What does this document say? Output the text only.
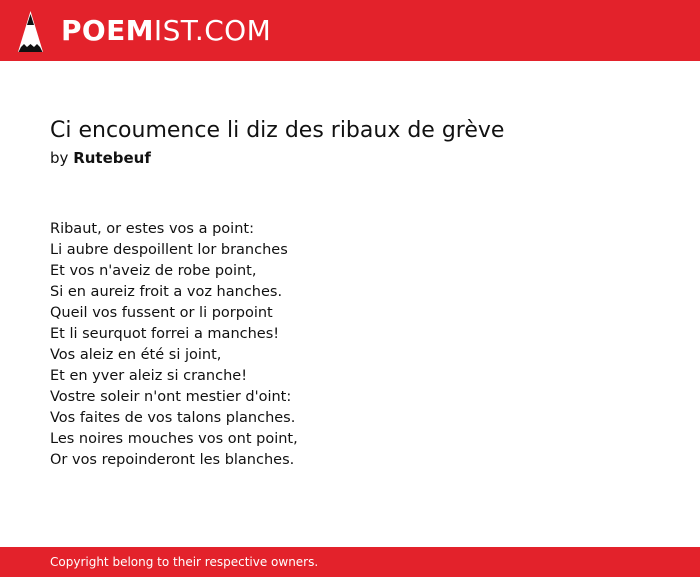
POEMIST.COM
Ci encoumence li diz des ribaux de grève
by Rutebeuf
Ribaut, or estes vos a point:
Li aubre despoillent lor branches
Et vos n'aveiz de robe point,
Si en aureiz froit a voz hanches.
Queil vos fussent or li porpoint
Et li seurquot forrei a manches!
Vos aleiz en été si joint,
Et en yver aleiz si cranche!
Vostre soleir n'ont mestier d'oint:
Vos faites de vos talons planches.
Les noires mouches vos ont point,
Or vos repoinderont les blanches.
Copyright belong to their respective owners.
